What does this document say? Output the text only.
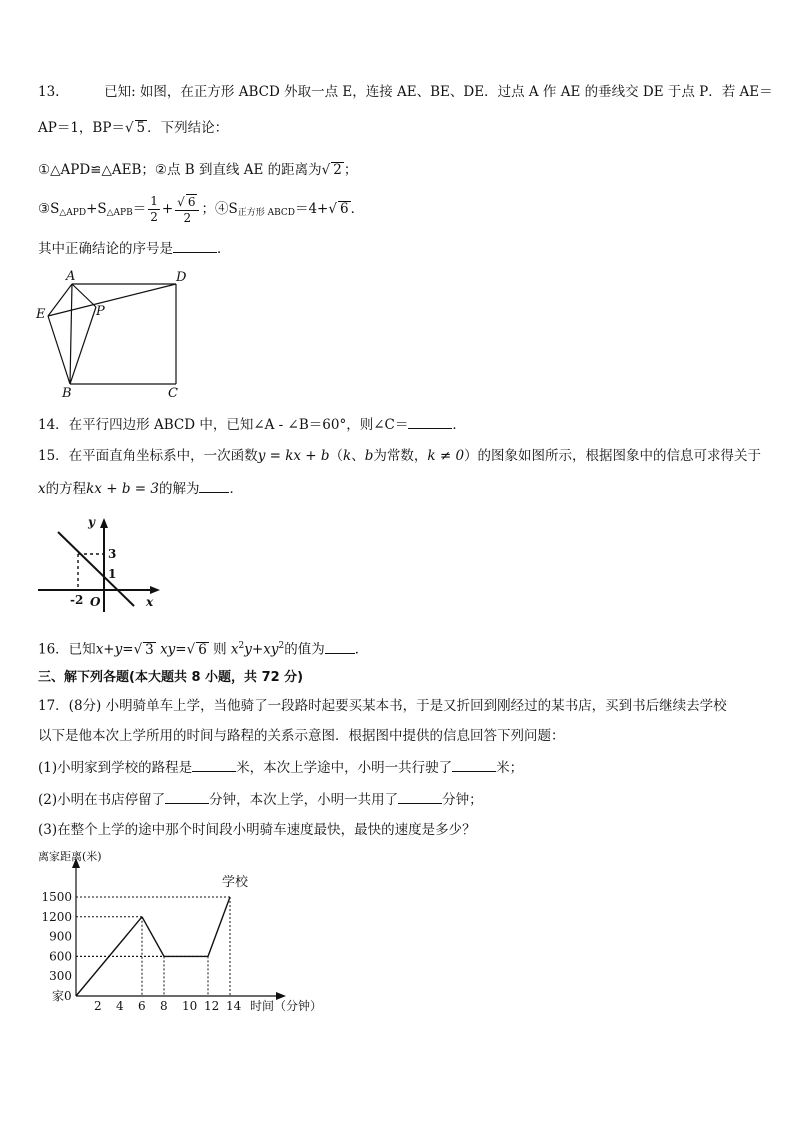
13.	已知: 如图，在正方形 ABCD 外取一点 E，连接 AE、BE、DE．过点 A 作 AE 的垂线交 DE 于点 P．若 AE＝
AP＝1，BP＝√ 5 ．下列结论：
①△APD≌△AEB；②点 B 到直线 AE 的距离为√ 2 ；
$③S_{\triangle APD}+S_{\triangle APB}= \frac{1}{2} + \frac{√ 6}{2}$ ；$④S_{正方形 ABCD}=4+√$ 6 ．
其中正确结论的序号是	．
A	D
E	P
B	C
14．在平行四边形 ABCD 中，已知∠A - ∠B＝60°，则∠C＝	．
15．在平面直角坐标系中，一次函数y = kx + b（k、b为常数，k ≠ 0）的图象如图所示，根据图象中的信息可求得关于
x的方程kx + b = 3的解为 ．
y
x
3
1
-2 O
16．已知x+y=√ 3 xy=√ 6 则 $x^2y+xy^2$的值为 ．
三、解下列各题(本大题共 8 小题，共 72 分)
17．(8分) 小明骑单车上学，当他骑了一段路时起要买某本书，于是又折回到刚经过的某书店，买到书后继续去学校
以下是他本次上学所用的时间与路程的关系示意图．根据图中提供的信息回答下列问题：
(1)小明家到学校的路程是	米，本次上学途中，小明一共行驶了	米；
(2)小明在书店停留了	分钟，本次上学，小明一共用了	分钟；
(3)在整个上学的途中那个时间段小明骑车速度最快，最快的速度是多少？
离家距离(米)
时间（分钟）
家0
学校
2 4 6 8 10 12 14
300
600
900
1200
1500
